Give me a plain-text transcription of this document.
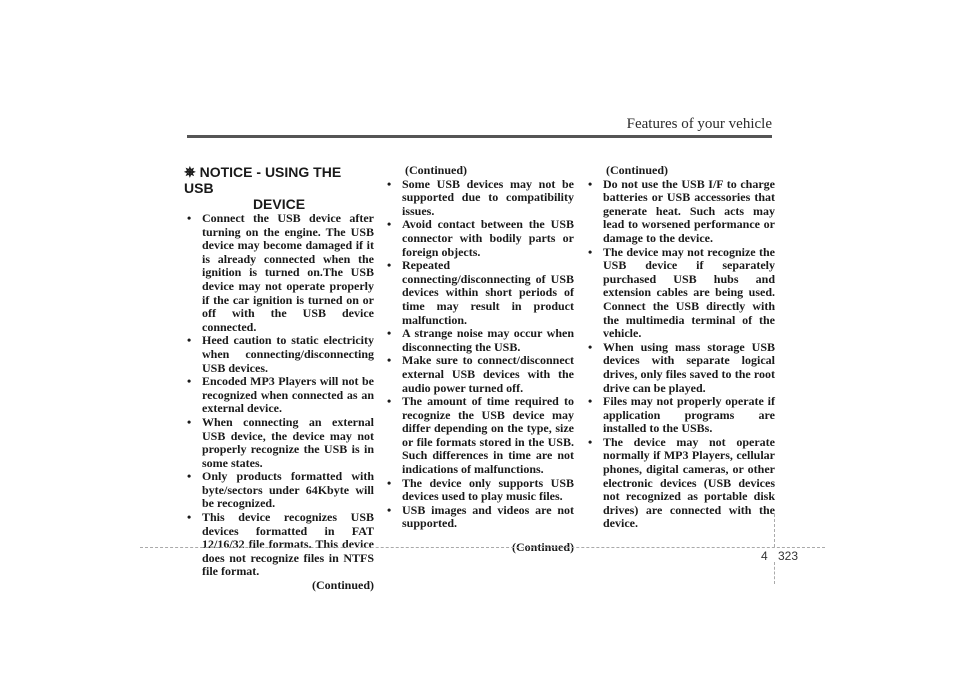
Features of your vehicle
✵ NOTICE - USING THE USB
DEVICE
• Connect the USB device after turning on the engine. The USB device may become damaged if it is already connected when the ignition is turned on.The USB device may not operate properly if the car ignition is turned on or off with the USB device connected.
• Heed caution to static electricity when connecting/disconnecting USB devices.
• Encoded MP3 Players will not be recognized when connected as an external device.
• When connecting an external USB device, the device may not properly recognize the USB is in some states.
• Only products formatted with byte/sectors under 64Kbyte will be recognized.
• This device recognizes USB devices formatted in FAT 12/16/32 file formats. This device does not recognize files in NTFS file format.
(Continued)
(Continued)
• Some USB devices may not be supported due to compatibility issues.
• Avoid contact between the USB connector with bodily parts or foreign objects.
• Repeated connecting/disconnecting of USB devices within short periods of time may result in product malfunction.
• A strange noise may occur when disconnecting the USB.
• Make sure to connect/disconnect external USB devices with the audio power turned off.
• The amount of time required to recognize the USB device may differ depending on the type, size or file formats stored in the USB. Such differences in time are not indications of malfunctions.
• The device only supports USB devices used to play music files.
• USB images and videos are not supported.
(Continued)
(Continued)
• Do not use the USB I/F to charge batteries or USB accessories that generate heat. Such acts may lead to worsened performance or damage to the device.
• The device may not recognize the USB device if separately purchased USB hubs and extension cables are being used. Connect the USB directly with the multimedia terminal of the vehicle.
• When using mass storage USB devices with separate logical drives, only files saved to the root drive can be played.
• Files may not properly operate if application programs are installed to the USBs.
• The device may not operate normally if MP3 Players, cellular phones, digital cameras, or other electronic devices (USB devices not recognized as portable disk drives) are connected with the device.
4 323
